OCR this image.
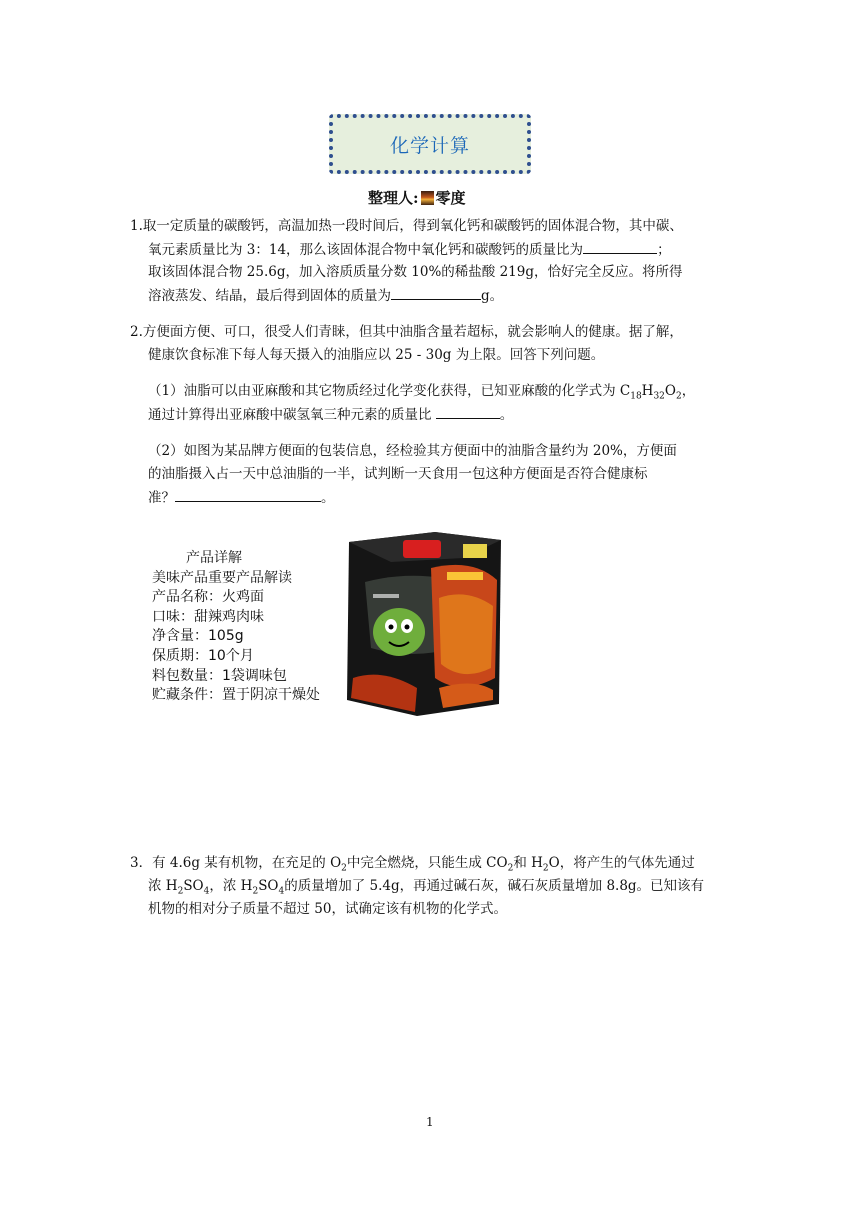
化学计算
整理人: 零度
1.取一定质量的碳酸钙，高温加热一段时间后，得到氧化钙和碳酸钙的固体混合物，其中碳、
氧元素质量比为 3：14，那么该固体混合物中氧化钙和碳酸钙的质量比为	；
取该固体混合物 25.6g，加入溶质质量分数 10%的稀盐酸 219g，恰好完全反应。将所得
溶液蒸发、结晶，最后得到固体的质量为	g。
2.方便面方便、可口，很受人们青睐，但其中油脂含量若超标，就会影响人的健康。据了解，
健康饮食标准下每人每天摄入的油脂应以 25 - 30g 为上限。回答下列问题。
（1）油脂可以由亚麻酸和其它物质经过化学变化获得，已知亚麻酸的化学式为 $C_{18}H_{32}O_2$，
通过计算得出亚麻酸中碳氢氧三种元素的质量比	。
（2）如图为某品牌方便面的包装信息，经检验其方便面中的油脂含量约为 20%，方便面
的油脂摄入占一天中总油脂的一半，试判断一天食用一包这种方便面是否符合健康标
准？	。
产品详解
美味产品重要产品解读
产品名称：火鸡面
口味：甜辣鸡肉味
净含量：105g
保质期：10个月
料包数量：1袋调味包
贮藏条件：置于阴凉干燥处
3．有 4.6g 某有机物，在充足的 $O_2$中完全燃烧，只能生成 $CO_2$和 $H_2O$，将产生的气体先通过
浓 $H_2SO_4$，浓 $H_2SO_4$的质量增加了 5.4g，再通过碱石灰，碱石灰质量增加 8.8g。已知该有
机物的相对分子质量不超过 50，试确定该有机物的化学式。
1
